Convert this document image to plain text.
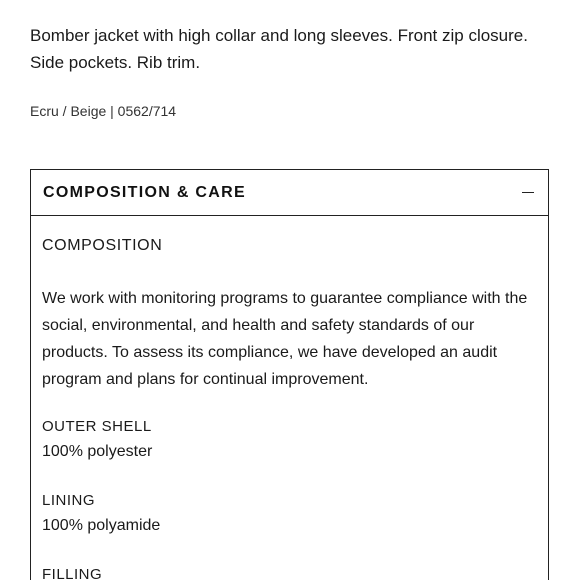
Bomber jacket with high collar and long sleeves. Front zip closure. Side pockets. Rib trim.

Ecru / Beige | 0562/714

COMPOSITION & CARE

COMPOSITION

We work with monitoring programs to guarantee compliance with the social, environmental, and health and safety standards of our products. To assess its compliance, we have developed an audit program and plans for continual improvement.

OUTER SHELL

100% polyester

LINING

100% polyamide

FILLING
